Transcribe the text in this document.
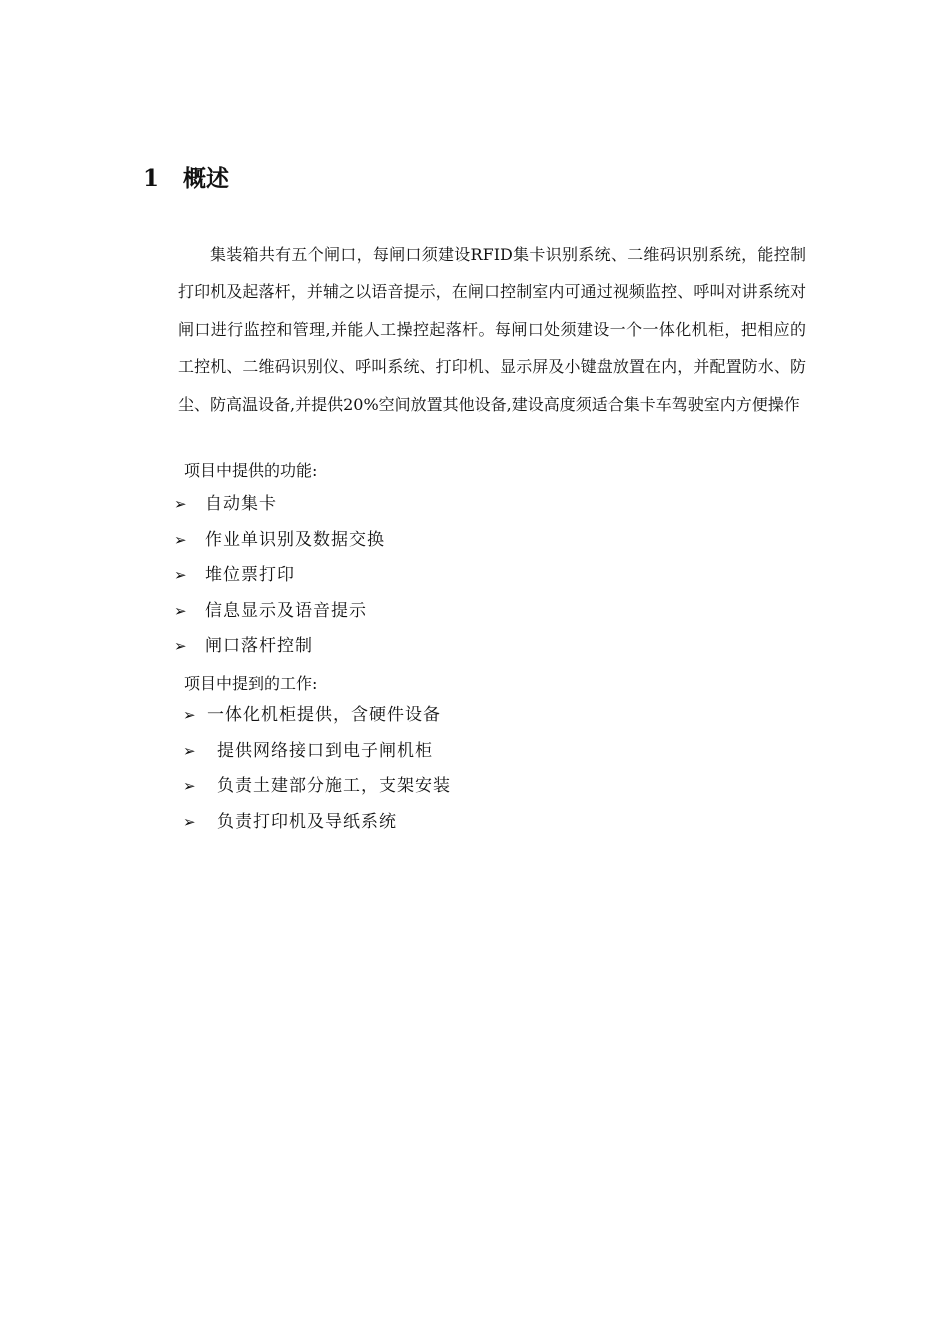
1 概述
集装箱共有五个闸口，每闸口须建设RFID集卡识别系统、二维码识别系统，能控制打印机及起落杆，并辅之以语音提示，在闸口控制室内可通过视频监控、呼叫对讲系统对闸口进行监控和管理,并能人工操控起落杆。每闸口处须建设一个一体化机柜，把相应的工控机、二维码识别仪、呼叫系统、打印机、显示屏及小键盘放置在内，并配置防水、防尘、防高温设备,并提供20%空间放置其他设备,建设高度须适合集卡车驾驶室内方便操作
项目中提供的功能:
➢ 自动集卡
➢ 作业单识别及数据交换
➢ 堆位票打印
➢ 信息显示及语音提示
➢ 闸口落杆控制
项目中提到的工作:
➢ 一体化机柜提供，含硬件设备
➢ 提供网络接口到电子闸机柜
➢ 负责土建部分施工，支架安装
➢ 负责打印机及导纸系统
